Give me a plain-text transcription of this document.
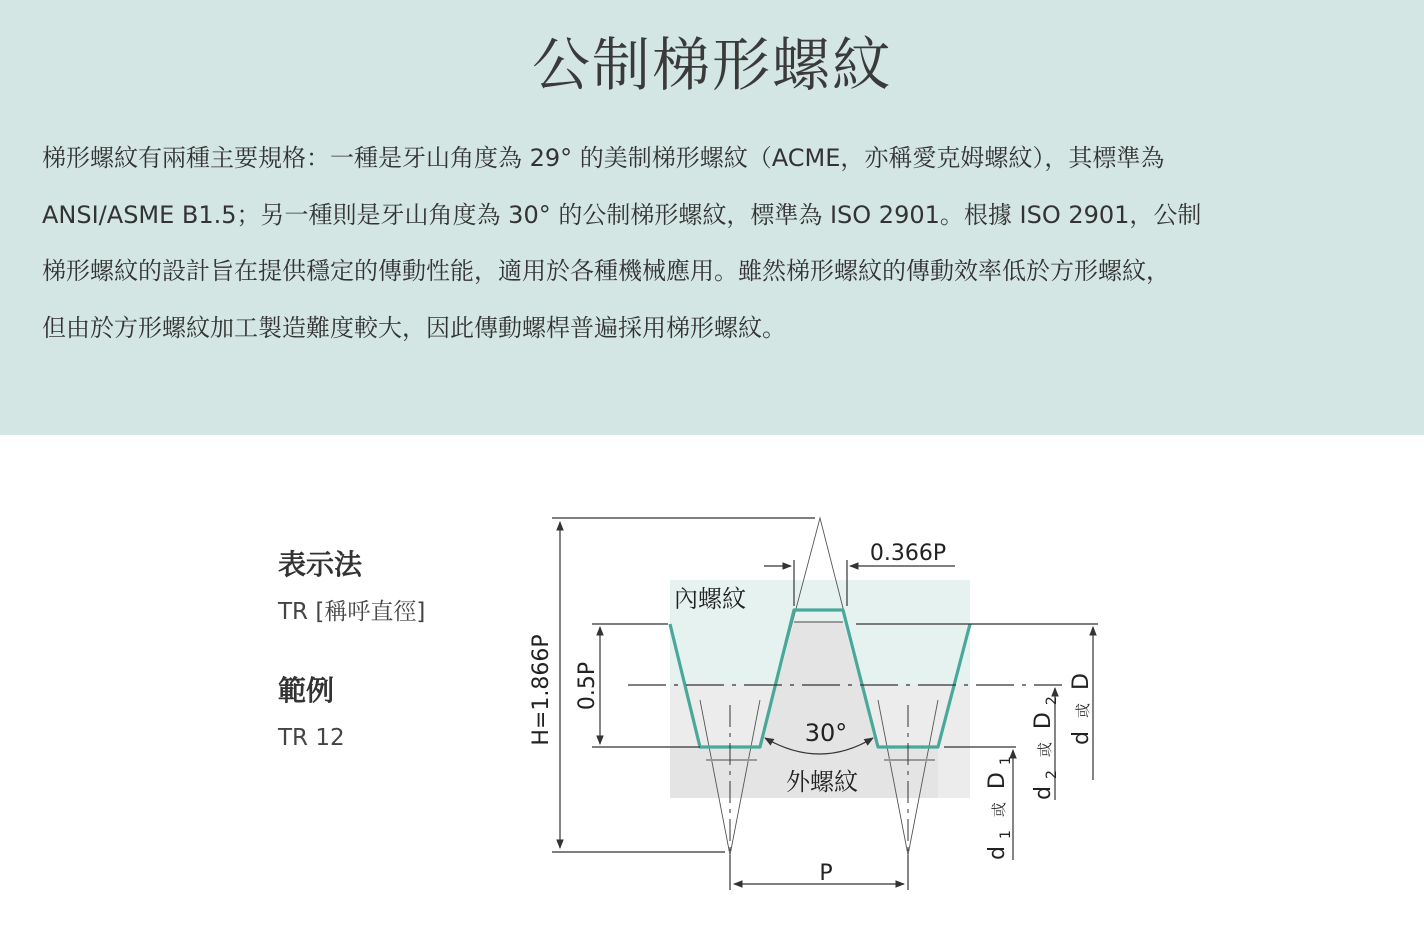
公制梯形螺紋
梯形螺紋有兩種主要規格：一種是牙山角度為 29° 的美制梯形螺紋（ACME，亦稱愛克姆螺紋），其標準為
ANSI/ASME B1.5；另一種則是牙山角度為 30° 的公制梯形螺紋，標準為 ISO 2901。根據 ISO 2901，公制
梯形螺紋的設計旨在提供穩定的傳動性能，適用於各種機械應用。雖然梯形螺紋的傳動效率低於方形螺紋，
但由於方形螺紋加工製造難度較大，因此傳動螺桿普遍採用梯形螺紋。
表示法
TR [稱呼直徑]
範例
TR 12	H=1.866P 0.5P
0.366P
P
30°
內螺紋
外螺紋
d 或 D
d $_2$ $^或$ D $_2$
d $_1$ $^或$ D $_1$
